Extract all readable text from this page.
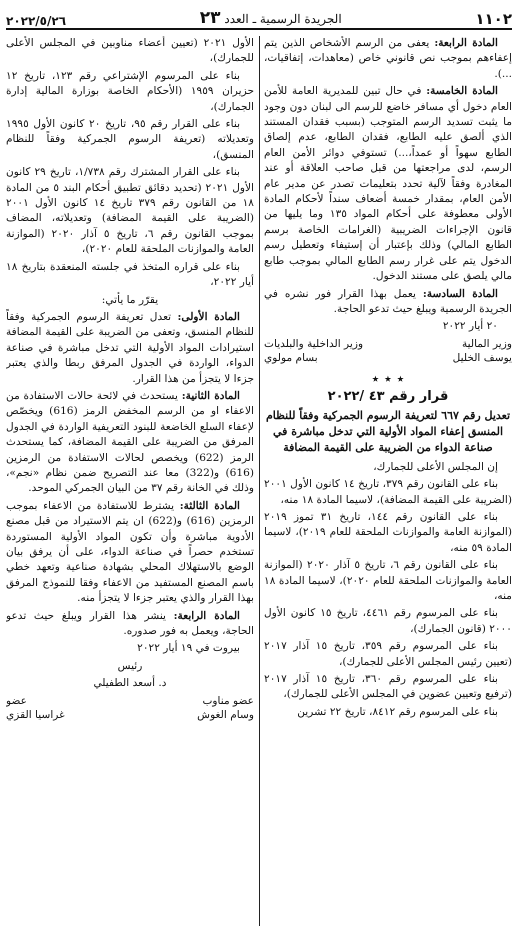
١١٠٢
الجريدة الرسمية ـ العدد ٢٣
٢٠٢٢/٥/٢٦

المادة الرابعة: يعفى من الرسم الأشخاص الذين يتم إعفاءهم بموجب نص قانوني خاص (معاهدات، إتفاقيات، ...).

المادة الخامسة: في حال تبين للمديرية العامة للأمن العام دخول أي مسافر خاضع للرسم الى لبنان دون وجود ما يثبت تسديد الرسم المتوجب (بسبب فقدان المستند الذي ألصق عليه الطابع، فقدان الطابع، عدم إلصاق الطابع سهواً أو عمداً،...) تستوفي دوائر الأمن العام الرسم، لدى مراجعتها من قبل صاحب العلاقة أو عند المغادرة وفقاً لآلية تحدد بتعليمات تصدر عن مدير عام الأمن العام، بمقدار خمسة أضعاف سنداً لأحكام المادة الأولى معطوفة على أحكام المواد ١٣٥ وما يليها من قانون الإجراءات الضريبية (الغرامات الخاصة برسم الطابع المالي) وذلك بإعتبار أن إستيفاء وتعطيل رسم الدخول يتم على غرار رسم الطابع المالي بموجب طابع مالي يلصق على مستند الدخول.

المادة السادسة: يعمل بهذا القرار فور نشره في الجريدة الرسمية ويبلغ حيث تدعو الحاجة.

٢٠ أيار ٢٠٢٢

وزير المالية
وزير الداخلية والبلديات
يوسف الخليل
بسام مولوي
٭ ٭ ٭
قرار رقم ٤٣ /٢٠٢٢
تعديل رقم ٦٦٧ لتعريفة الرسوم الجمركية وفقاً للنظام المنسق إعفاء المواد الأولية التي تدخل مباشرة في صناعة الدواء من الضريبة على القيمة المضافة

إن المجلس الأعلى للجمارك،

بناء على القانون رقم ٣٧٩، تاريخ ١٤ كانون الأول ٢٠٠١ (الضريبة على القيمة المضافة)، لاسيما المادة ١٨ منه،

بناء على القانون رقم ١٤٤، تاريخ ٣١ تموز ٢٠١٩ (الموازنة العامة والموازنات الملحقة للعام ٢٠١٩)، لاسيما المادة ٥٩ منه،

بناء على القانون رقم ٦، تاريخ ٥ آذار ٢٠٢٠ (الموازنة العامة والموازنات الملحقة للعام ٢٠٢٠)، لاسيما المادة ١٨ منه،

بناء على المرسوم رقم ٤٤٦١، تاريخ ١٥ كانون الأول ٢٠٠٠ (قانون الجمارك)،

بناء على المرسوم رقم ٣٥٩، تاريخ ١٥ آذار ٢٠١٧ (تعيين رئيس المجلس الأعلى للجمارك)،

بناء على المرسوم رقم ٣٦٠، تاريخ ١٥ آذار ٢٠١٧ (ترفيع وتعيين عضوين في المجلس الأعلى للجمارك)،

بناء على المرسوم رقم ٨٤١٢، تاريخ ٢٢ تشرين

الأول ٢٠٢١ (تعيين أعضاء مناوبين في المجلس الأعلى للجمارك)،

بناء على المرسوم الإشتراعي رقم ١٢٣، تاريخ ١٢ حزيران ١٩٥٩ (الأحكام الخاصة بوزارة المالية إدارة الجمارك)،

بناء على القرار رقم ٩٥، تاريخ ٢٠ كانون الأول ١٩٩٥ وتعديلاته (تعريفة الرسوم الجمركية وفقاً للنظام المنسق)،

بناء على القرار المشترك رقم ١/٧٣٨، تاريخ ٢٩ كانون الأول ٢٠٢١ (تحديد دقائق تطبيق أحكام البند ٥ من المادة ١٨ من القانون رقم ٣٧٩ تاريخ ١٤ كانون الأول ٢٠٠١ (الضريبة على القيمة المضافة) وتعديلاته، المضاف بموجب القانون رقم ٦، تاريخ ٥ آذار ٢٠٢٠ (الموازنة العامة والموازنات الملحقة للعام ٢٠٢٠)،

بناء على قراره المتخذ في جلسته المنعقدة بتاريخ ١٨ أيار ٢٠٢٢،

يقرّر ما يأتي:

المادة الأولى: تعدل تعريفة الرسوم الجمركية وفقاً للنظام المنسق، وتعفى من الضريبة على القيمة المضافة استيرادات المواد الأولية التي تدخل مباشرة في صناعة الدواء، الواردة في الجدول المرفق ربطا والذي يعتبر جزءا لا يتجزأ من هذا القرار.

المادة الثانية: يستحدث في لائحة حالات الاستفادة من الاعفاء او من الرسم المخفض الرمز (616) ويخصّص لإعفاء السلع الخاضعة للبنود التعريفية الواردة في الجدول المرفق من الضريبة على القيمة المضافة، كما يستحدث الرمز (622) ويخصص لحالات الاستفادة من الرمزين (616) و(322) معا عند التصريح ضمن نظام «نجم»، وذلك في الخانة رقم ٣٧ من البيان الجمركي الموحد.

المادة الثالثة: يشترط للاستفادة من الاعفاء بموجب الرمزين (616) و(622) ان يتم الاستيراد من قبل مصنع الأدوية مباشرة وأن تكون المواد الأولية المستوردة تستخدم حصراً في صناعة الدواء، على أن يرفق بيان الوضع بالاستهلاك المحلي بشهادة صناعية وتعهد خطي باسم المصنع المستفيد من الاعفاء وفقا للنموذج المرفق بهذا القرار والذي يعتبر جزءا لا يتجزأ منه.

المادة الرابعة: ينشر هذا القرار ويبلغ حيث تدعو الحاجة، ويعمل به فور صدوره.

بيروت في ١٩ أيار ٢٠٢٢

رئيس

د. أسعد الطفيلي

عضو مناوب
عضو
وسام الغوش
غراسيا القزي
